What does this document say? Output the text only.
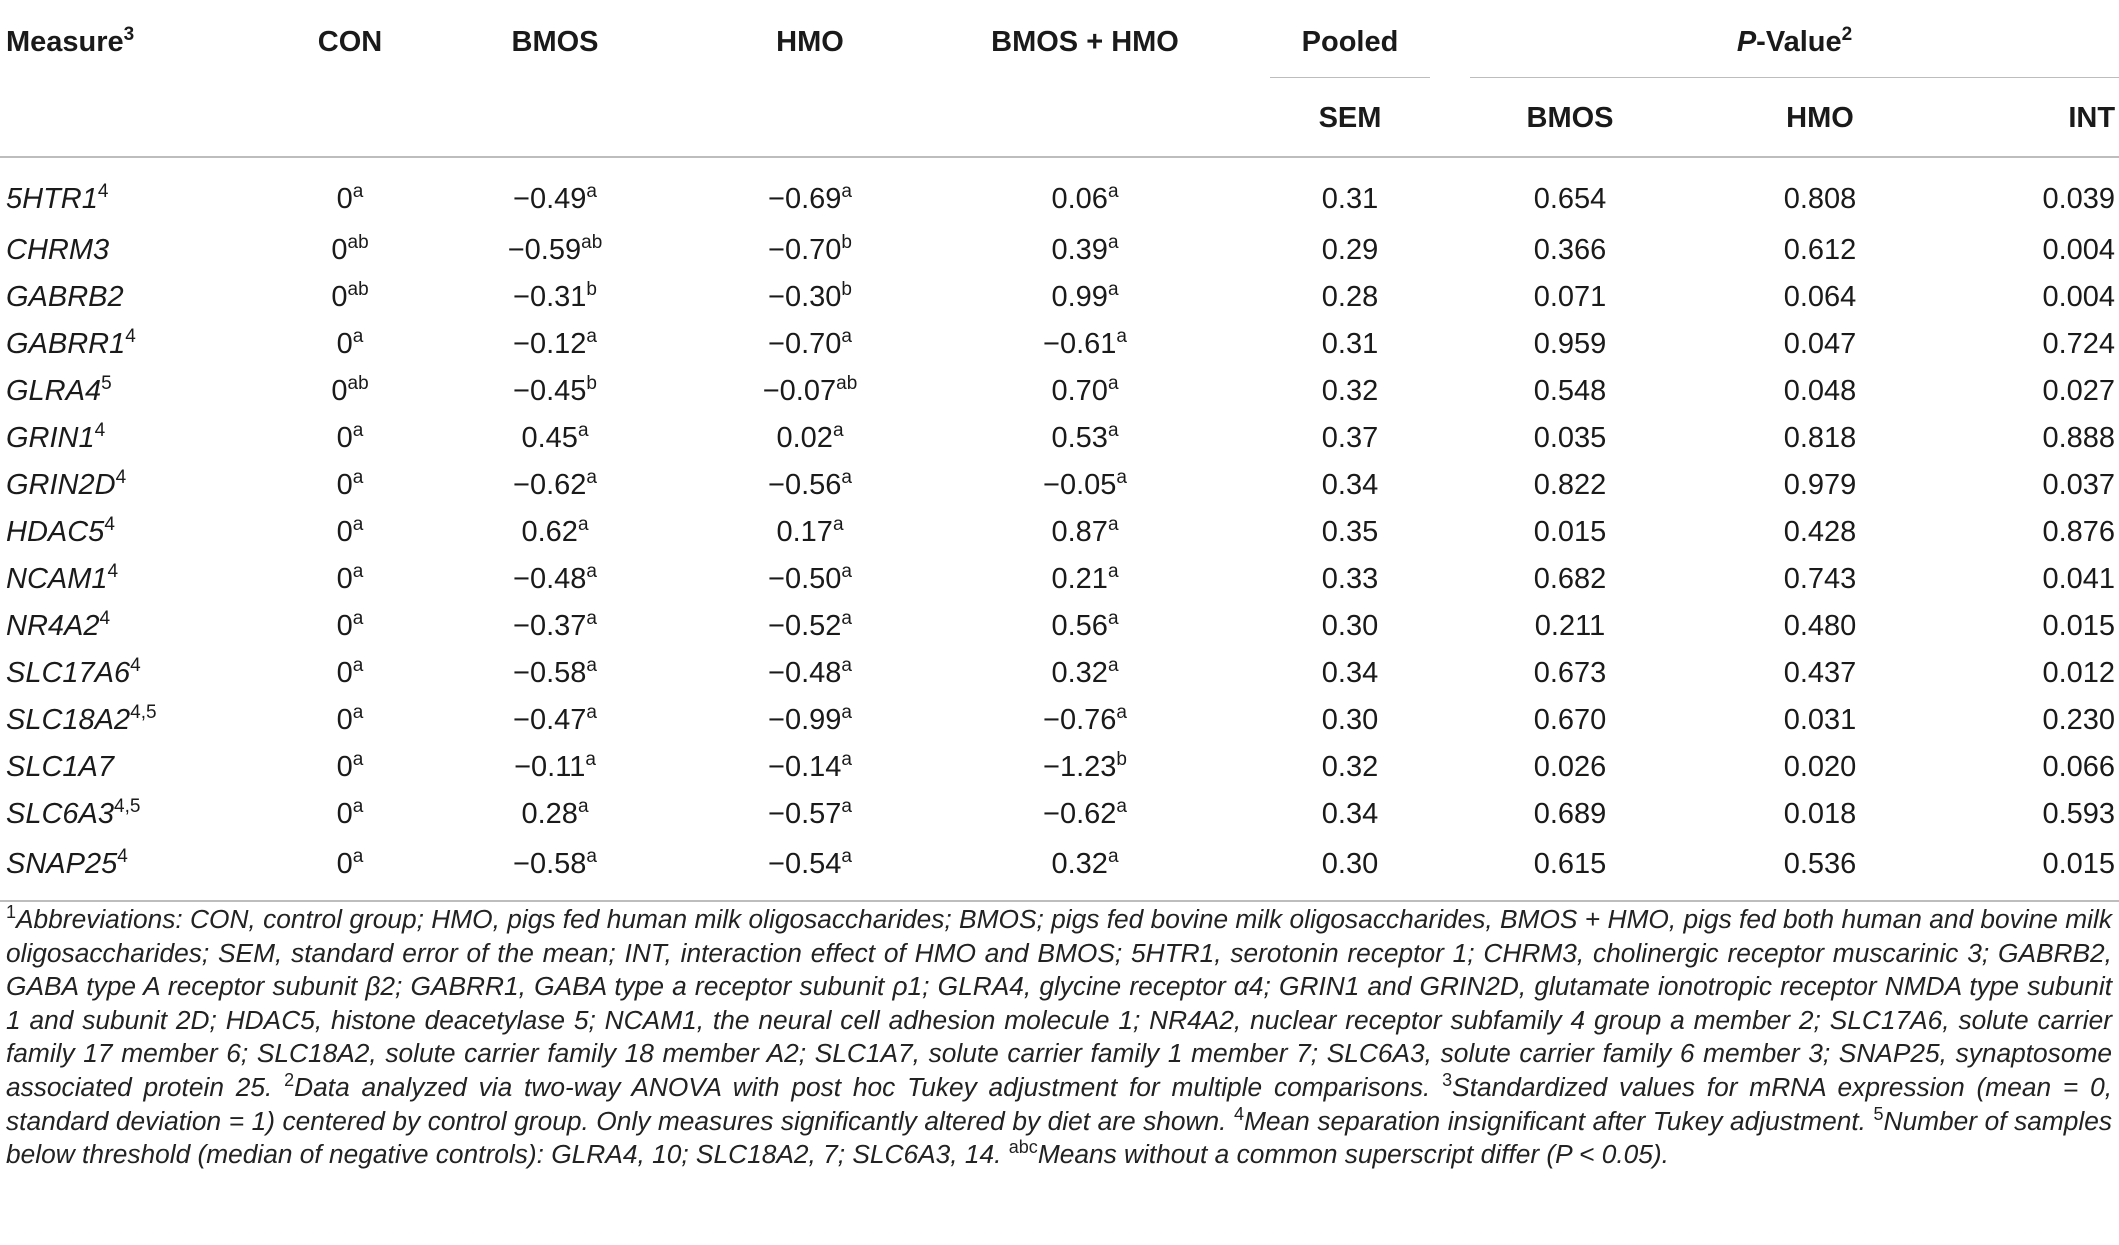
Measure$^3$	CON	BMOS	HMO	BMOS + HMO	Pooled	P-Value$^2$

					SEM	BMOS	HMO	INT
$5HTR1^4$	$0^a$	−0.49$^a$	−0.69$^a$	0.06$^a$	0.31	0.654	0.808	0.039
CHRM3	$0^{ab}$	−0.59$^{ab}$	−0.70$^b$	0.39$^a$	0.29	0.366	0.612	0.004
GABRB2	$0^{ab}$	−0.31$^b$	−0.30$^b$	0.99$^a$	0.28	0.071	0.064	0.004
$GABRR1^4$	$0^a$	−0.12$^a$	−0.70$^a$	−0.61$^a$	0.31	0.959	0.047	0.724
$GLRA4^5$	$0^{ab}$	−0.45$^b$	−0.07$^{ab}$	0.70$^a$	0.32	0.548	0.048	0.027
$GRIN1^4$	0$^a$	0.45$^a$	0.02$^a$	0.53$^a$	0.37	0.035	0.818	0.888
$GRIN2D^4$	$0^a$	−0.62$^a$	−0.56$^a$	−0.05$^a$	0.34	0.822	0.979	0.037
$HDAC5^4$	0$^a$	0.62$^a$	0.17$^a$	0.87$^a$	0.35	0.015	0.428	0.876
$NCAM1^4$	$0^a$	−0.48$^a$	−0.50$^a$	0.21$^a$	0.33	0.682	0.743	0.041
$NR4A2^4$	$0^a$	−0.37$^a$	−0.52$^a$	0.56$^a$	0.30	0.211	0.480	0.015
$SLC17A6^4$	$0^a$	−0.58$^a$	−0.48$^a$	0.32$^a$	0.34	0.673	0.437	0.012
SLC18A2$^{4,5}$	$0^a$	−0.47$^a$	−0.99$^a$	−0.76$^a$	0.30	0.670	0.031	0.230
SLC1A7	$0^a$	−0.11$^a$	−0.14$^a$	−1.23$^b$	0.32	0.026	0.020	0.066
SLC6A3$^{4,5}$	0$^a$	0.28$^a$	−0.57$^a$	−0.62$^a$	0.34	0.689	0.018	0.593
$SNAP25^4$	$0^a$	−0.58$^a$	−0.54$^a$	0.32$^a$	0.30	0.615	0.536	0.015
$^1$Abbreviations: CON, control group; HMO, pigs fed human milk oligosaccharides; BMOS; pigs fed bovine milk oligosaccharides, BMOS + HMO, pigs fed both human and bovine milk oligosaccharides; SEM, standard error of the mean; INT, interaction effect of HMO and BMOS; 5HTR1, serotonin receptor 1; CHRM3, cholinergic receptor muscarinic 3; GABRB2, GABA type A receptor subunit β2; GABRR1, GABA type a receptor subunit ρ1; GLRA4, glycine receptor α4; GRIN1 and GRIN2D, glutamate ionotropic receptor NMDA type subunit 1 and subunit 2D; HDAC5, histone deacetylase 5; NCAM1, the neural cell adhesion molecule 1; NR4A2, nuclear receptor subfamily 4 group a member 2; SLC17A6, solute carrier family 17 member 6; SLC18A2, solute carrier family 18 member A2; SLC1A7, solute carrier family 1 member 7; SLC6A3, solute carrier family 6 member 3; SNAP25, synaptosome associated protein 25. $^2$Data analyzed via two-way ANOVA with post hoc Tukey adjustment for multiple comparisons. $^3$Standardized values for mRNA expression (mean = 0, standard deviation = 1) centered by control group. Only measures significantly altered by diet are shown. $^4$Mean separation insignificant after Tukey adjustment. $^5$Number of samples below threshold (median of negative controls): GLRA4, 10; SLC18A2, 7; SLC6A3, 14. $^{abc}$Means without a common superscript differ (P < 0.05).
